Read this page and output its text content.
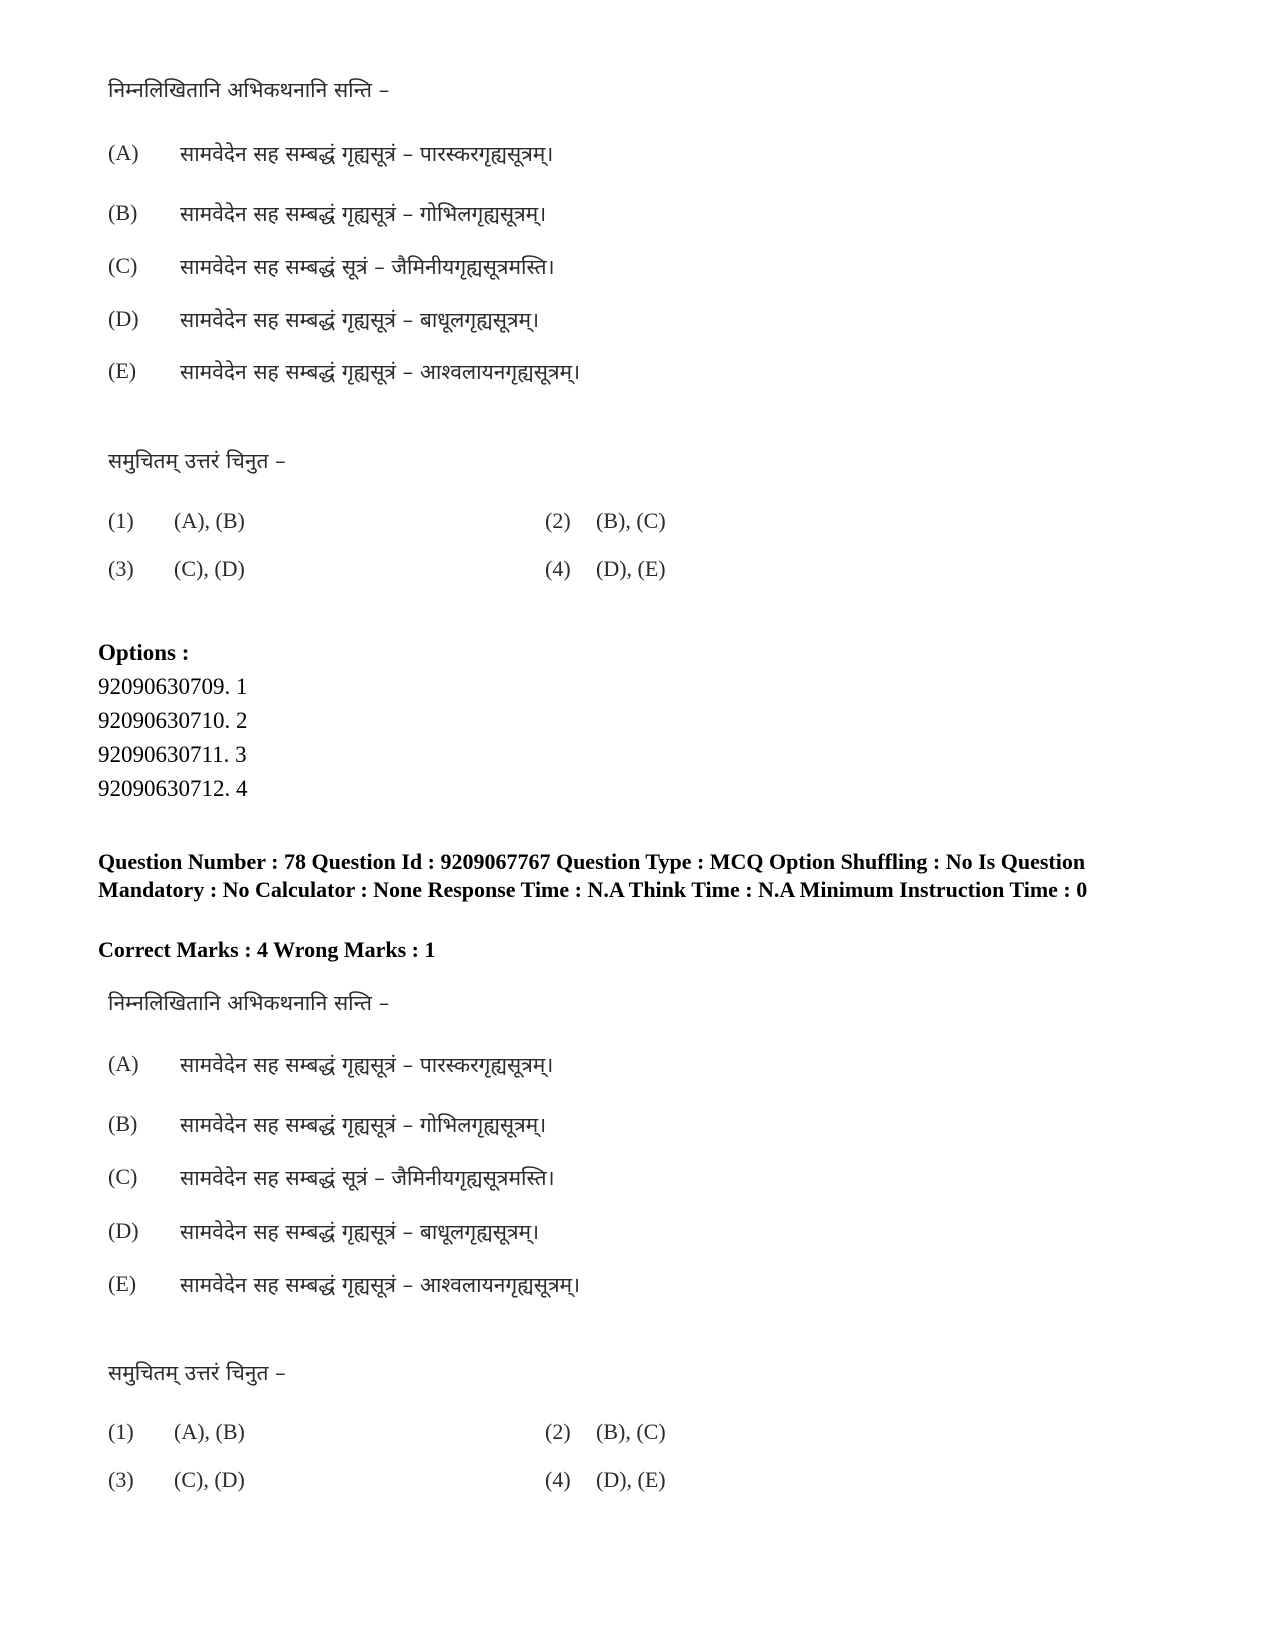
निम्नलिखितानि अभिकथनानि सन्ति –
(A) सामवेदेन सह सम्बद्धं गृह्यसूत्रं – पारस्करगृह्यसूत्रम्।
(B) सामवेदेन सह सम्बद्धं गृह्यसूत्रं – गोभिलगृह्यसूत्रम्।
(C) सामवेदेन सह सम्बद्धं सूत्रं – जैमिनीयगृह्यसूत्रमस्ति।
(D) सामवेदेन सह सम्बद्धं गृह्यसूत्रं – बाधूलगृह्यसूत्रम्।
(E) सामवेदेन सह सम्बद्धं गृह्यसूत्रं – आश्वलायनगृह्यसूत्रम्।
समुचितम् उत्तरं चिनुत –
(1) (A), (B)	(2) (B), (C)
(3) (C), (D)	(4) (D), (E)
Options :
92090630709. 1
92090630710. 2
92090630711. 3
92090630712. 4
Question Number : 78 Question Id : 9209067767 Question Type : MCQ Option Shuffling : No Is Question Mandatory : No Calculator : None Response Time : N.A Think Time : N.A Minimum Instruction Time : 0
Correct Marks : 4 Wrong Marks : 1
निम्नलिखितानि अभिकथनानि सन्ति –
(A) सामवेदेन सह सम्बद्धं गृह्यसूत्रं – पारस्करगृह्यसूत्रम्।
(B) सामवेदेन सह सम्बद्धं गृह्यसूत्रं – गोभिलगृह्यसूत्रम्।
(C) सामवेदेन सह सम्बद्धं सूत्रं – जैमिनीयगृह्यसूत्रमस्ति।
(D) सामवेदेन सह सम्बद्धं गृह्यसूत्रं – बाधूलगृह्यसूत्रम्।
(E) सामवेदेन सह सम्बद्धं गृह्यसूत्रं – आश्वलायनगृह्यसूत्रम्।
समुचितम् उत्तरं चिनुत –
(1) (A), (B)	(2) (B), (C)
(3) (C), (D)	(4) (D), (E)
